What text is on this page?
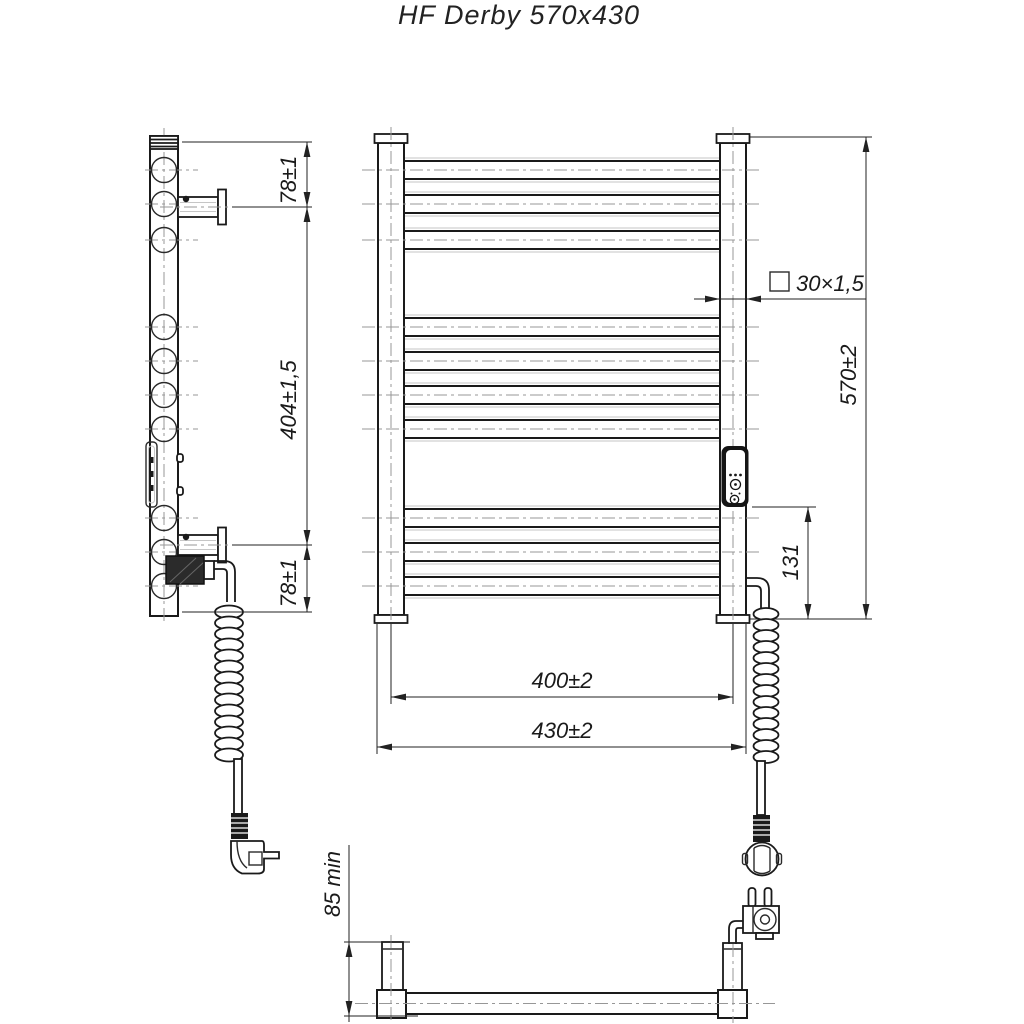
HF Derby 570x430
78±1
404±1,5
78±1
570±2
30×1,5
131
400±2
430±2
85 min
